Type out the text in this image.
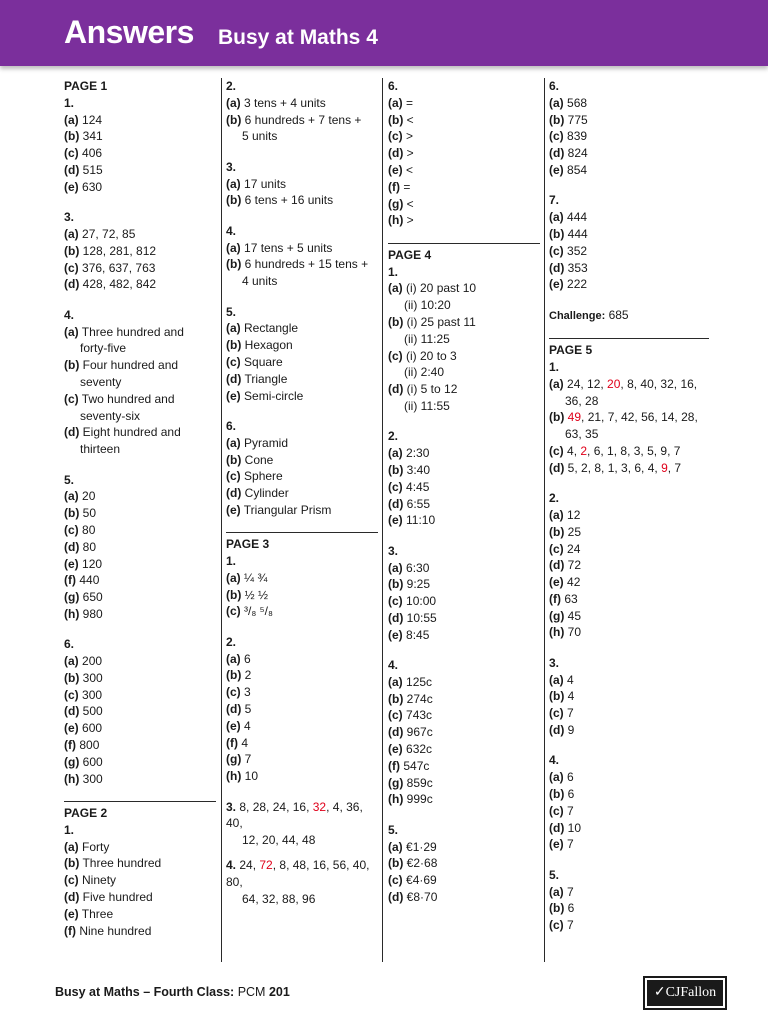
Answers Busy at Maths 4
PAGE 1
1.
(a) 124
(b) 341
(c) 406
(d) 515
(e) 630
3.
(a) 27, 72, 85
(b) 128, 281, 812
(c) 376, 637, 763
(d) 428, 482, 842
4.
(a) Three hundred and
forty-five
(b) Four hundred and
seventy
(c) Two hundred and
seventy-six
(d) Eight hundred and
thirteen
5.
(a) 20
(b) 50
(c) 80
(d) 80
(e) 120
(f) 440
(g) 650
(h) 980
6.
(a) 200
(b) 300
(c) 300
(d) 500
(e) 600
(f) 800
(g) 600
(h) 300
PAGE 2
1.
(a) Forty
(b) Three hundred
(c) Ninety
(d) Five hundred
(e) Three
(f) Nine hundred
2.
(a) 3 tens + 4 units
(b) 6 hundreds + 7 tens +
5 units
3.
(a) 17 units
(b) 6 tens + 16 units
4.
(a) 17 tens + 5 units
(b) 6 hundreds + 15 tens +
4 units
5.
(a) Rectangle
(b) Hexagon
(c) Square
(d) Triangle
(e) Semi-circle
6.
(a) Pyramid
(b) Cone
(c) Sphere
(d) Cylinder
(e) Triangular Prism
PAGE 3
1.
(a) ¼ ¾
(b) ½ ½
(c) ³/₈ ⁵/₈
2.
(a) 6
(b) 2
(c) 3
(d) 5
(e) 4
(f) 4
(g) 7
(h) 10
3. 8, 28, 24, 16, 32, 4, 36, 40,
12, 20, 44, 48
4. 24, 72, 8, 48, 16, 56, 40, 80,
64, 32, 88, 96
6.
(a) =
(b) <
(c) >
(d) >
(e) <
(f) =
(g) <
(h) >
PAGE 4
1.
(a) (i) 20 past 10
(ii) 10:20
(b) (i) 25 past 11
(ii) 11:25
(c) (i) 20 to 3
(ii) 2:40
(d) (i) 5 to 12
(ii) 11:55
2.
(a) 2:30
(b) 3:40
(c) 4:45
(d) 6:55
(e) 11:10
3.
(a) 6:30
(b) 9:25
(c) 10:00
(d) 10:55
(e) 8:45
4.
(a) 125c
(b) 274c
(c) 743c
(d) 967c
(e) 632c
(f) 547c
(g) 859c
(h) 999c
5.
(a) €1·29
(b) €2·68
(c) €4·69
(d) €8·70
6.
(a) 568
(b) 775
(c) 839
(d) 824
(e) 854
7.
(a) 444
(b) 444
(c) 352
(d) 353
(e) 222
Challenge: 685
PAGE 5
1.
(a) 24, 12, 20, 8, 40, 32, 16,
36, 28
(b) 49, 21, 7, 42, 56, 14, 28,
63, 35
(c) 4, 2, 6, 1, 8, 3, 5, 9, 7
(d) 5, 2, 8, 1, 3, 6, 4, 9, 7
2.
(a) 12
(b) 25
(c) 24
(d) 72
(e) 42
(f) 63
(g) 45
(h) 70
3.
(a) 4
(b) 4
(c) 7
(d) 9
4.
(a) 6
(b) 6
(c) 7
(d) 10
(e) 7
5.
(a) 7
(b) 6
(c) 7
Busy at Maths – Fourth Class: PCM 201	✓CJFallon
